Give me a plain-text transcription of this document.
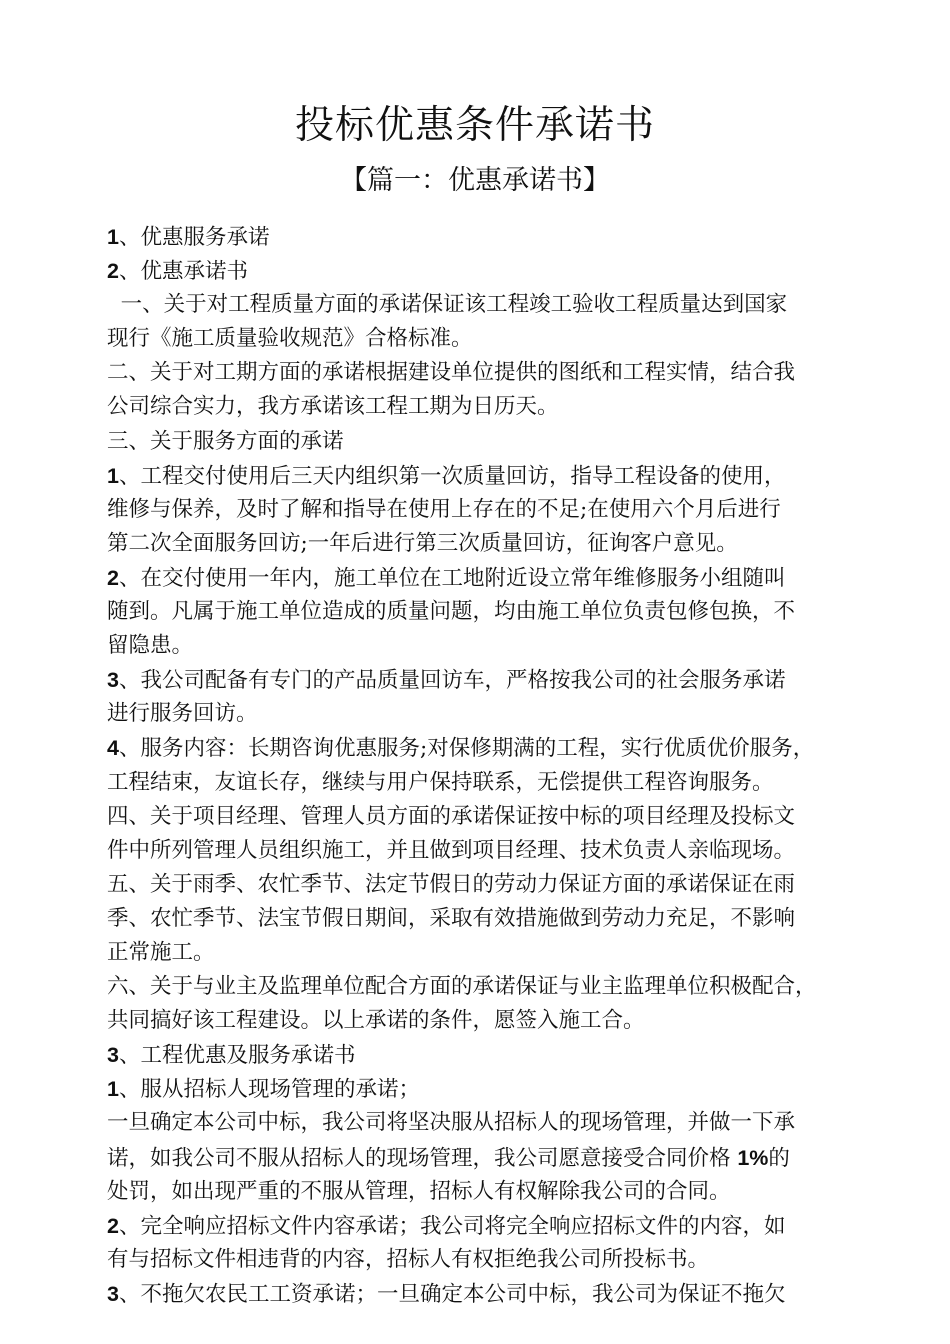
投标优惠条件承诺书
【篇一：优惠承诺书】
1、优惠服务承诺
2、优惠承诺书
一、关于对工程质量方面的承诺保证该工程竣工验收工程质量达到国家
现行《施工质量验收规范》合格标准。
二、关于对工期方面的承诺根据建设单位提供的图纸和工程实情，结合我
公司综合实力，我方承诺该工程工期为日历天。
三、关于服务方面的承诺
1、工程交付使用后三天内组织第一次质量回访，指导工程设备的使用，
维修与保养，及时了解和指导在使用上存在的不足;在使用六个月后进行
第二次全面服务回访;一年后进行第三次质量回访，征询客户意见。
2、在交付使用一年内，施工单位在工地附近设立常年维修服务小组随叫
随到。凡属于施工单位造成的质量问题，均由施工单位负责包修包换，不
留隐患。
3、我公司配备有专门的产品质量回访车，严格按我公司的社会服务承诺
进行服务回访。
4、服务内容：长期咨询优惠服务;对保修期满的工程，实行优质优价服务，
工程结束，友谊长存，继续与用户保持联系，无偿提供工程咨询服务。
四、关于项目经理、管理人员方面的承诺保证按中标的项目经理及投标文
件中所列管理人员组织施工，并且做到项目经理、技术负责人亲临现场。
五、关于雨季、农忙季节、法定节假日的劳动力保证方面的承诺保证在雨
季、农忙季节、法宝节假日期间，采取有效措施做到劳动力充足，不影响
正常施工。
六、关于与业主及监理单位配合方面的承诺保证与业主监理单位积极配合，
共同搞好该工程建设。以上承诺的条件，愿签入施工合。
3、工程优惠及服务承诺书
1、服从招标人现场管理的承诺；
一旦确定本公司中标，我公司将坚决服从招标人的现场管理，并做一下承
诺，如我公司不服从招标人的现场管理，我公司愿意接受合同价格 1%的
处罚，如出现严重的不服从管理，招标人有权解除我公司的合同。
2、完全响应招标文件内容承诺；我公司将完全响应招标文件的内容，如
有与招标文件相违背的内容，招标人有权拒绝我公司所投标书。
3、不拖欠农民工工资承诺；一旦确定本公司中标，我公司为保证不拖欠
